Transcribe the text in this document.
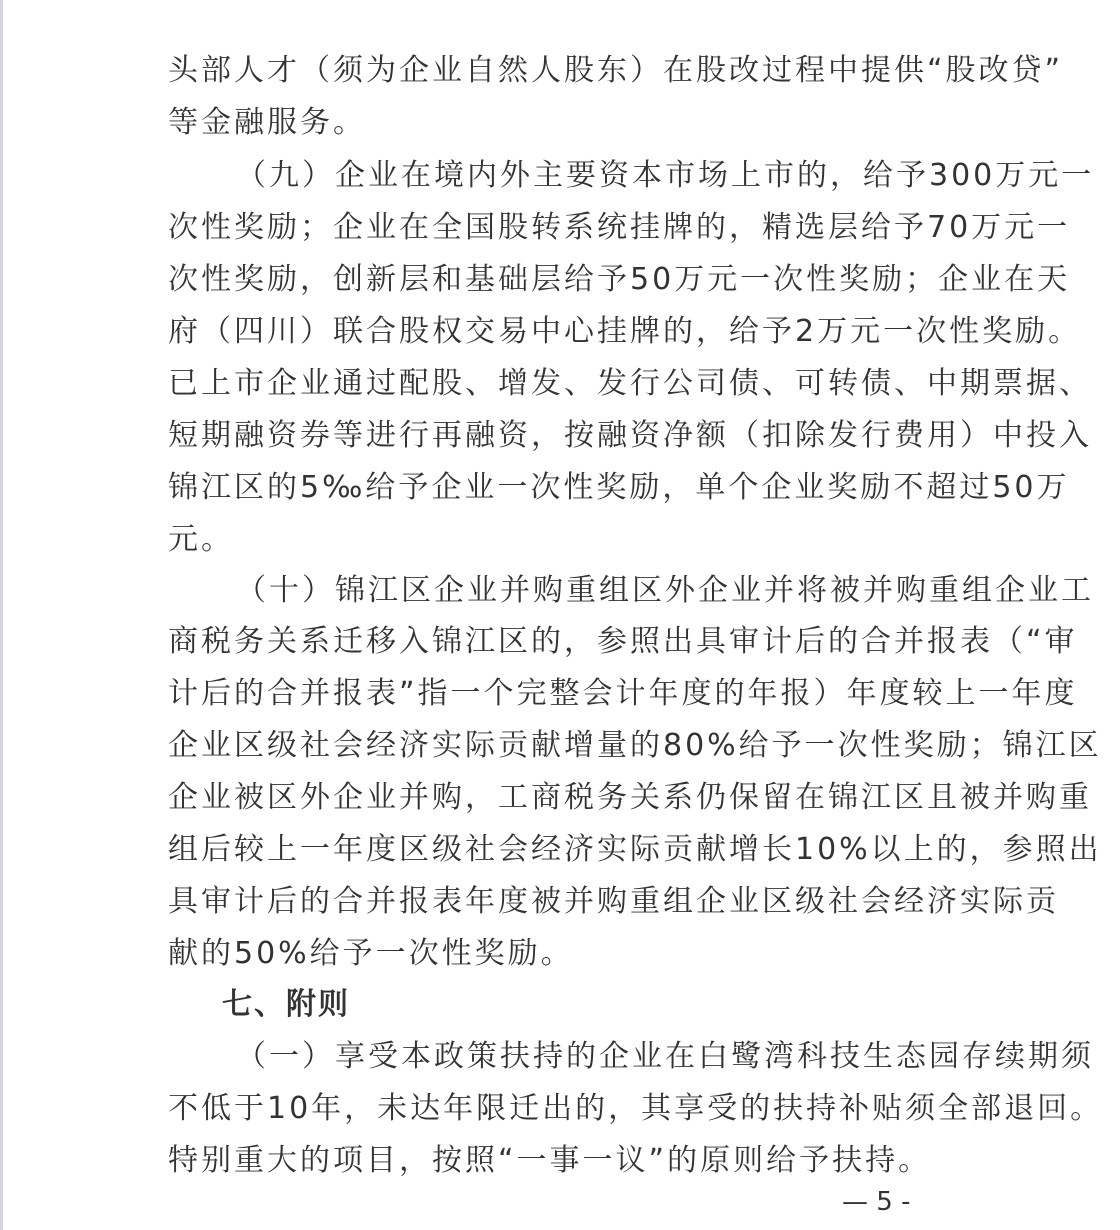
头部人才（须为企业自然人股东）在股改过程中提供“股改贷”
等金融服务。
（九）企业在境内外主要资本市场上市的，给予300万元一
次性奖励；企业在全国股转系统挂牌的，精选层给予70万元一
次性奖励，创新层和基础层给予50万元一次性奖励；企业在天
府（四川）联合股权交易中心挂牌的，给予2万元一次性奖励。
已上市企业通过配股、增发、发行公司债、可转债、中期票据、
短期融资券等进行再融资，按融资净额（扣除发行费用）中投入
锦江区的5‰给予企业一次性奖励，单个企业奖励不超过50万
元。
（十）锦江区企业并购重组区外企业并将被并购重组企业工
商税务关系迁移入锦江区的，参照出具审计后的合并报表（“审
计后的合并报表”指一个完整会计年度的年报）年度较上一年度
企业区级社会经济实际贡献增量的80%给予一次性奖励；锦江区
企业被区外企业并购，工商税务关系仍保留在锦江区且被并购重
组后较上一年度区级社会经济实际贡献增长10%以上的，参照出
具审计后的合并报表年度被并购重组企业区级社会经济实际贡
献的50%给予一次性奖励。
七、附则
（一）享受本政策扶持的企业在白鹭湾科技生态园存续期须
不低于10年，未达年限迁出的，其享受的扶持补贴须全部退回。
特别重大的项目，按照“一事一议”的原则给予扶持。
— 5 -
